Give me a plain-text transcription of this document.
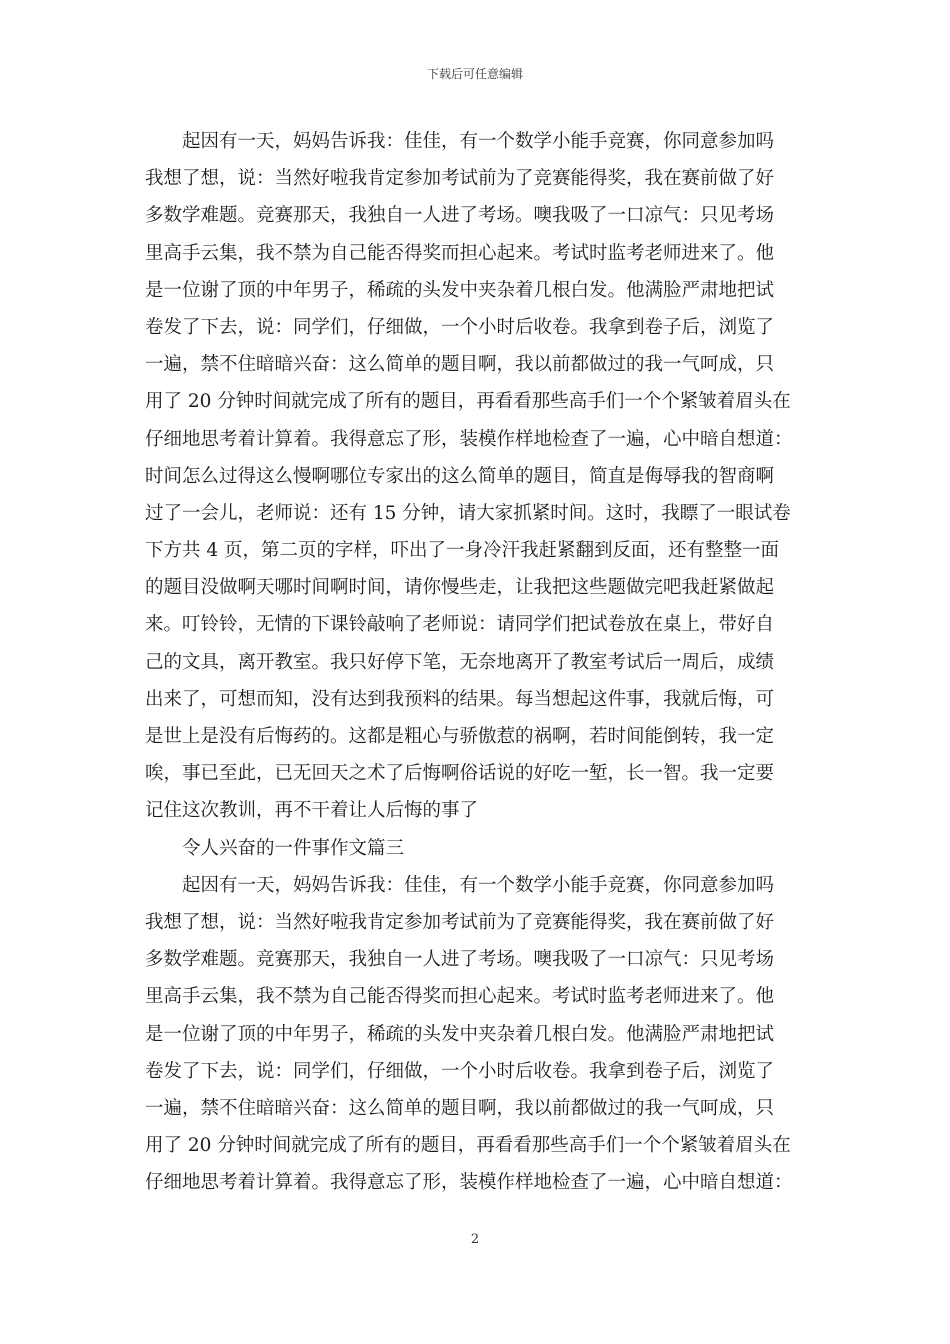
下载后可任意编辑
起因有一天，妈妈告诉我：佳佳，有一个数学小能手竞赛，你同意参加吗
我想了想，说：当然好啦我肯定参加考试前为了竞赛能得奖，我在赛前做了好
多数学难题。竞赛那天，我独自一人进了考场。噢我吸了一口凉气：只见考场
里高手云集，我不禁为自己能否得奖而担心起来。考试时监考老师进来了。他
是一位谢了顶的中年男子，稀疏的头发中夹杂着几根白发。他满脸严肃地把试
卷发了下去，说：同学们，仔细做，一个小时后收卷。我拿到卷子后，浏览了
一遍，禁不住暗暗兴奋：这么简单的题目啊，我以前都做过的我一气呵成，只
用了 20 分钟时间就完成了所有的题目，再看看那些高手们一个个紧皱着眉头在
仔细地思考着计算着。我得意忘了形，装模作样地检查了一遍，心中暗自想道：
时间怎么过得这么慢啊哪位专家出的这么简单的题目，简直是侮辱我的智商啊
过了一会儿，老师说：还有 15 分钟，请大家抓紧时间。这时，我瞟了一眼试卷
下方共 4 页，第二页的字样，吓出了一身冷汗我赶紧翻到反面，还有整整一面
的题目没做啊天哪时间啊时间，请你慢些走，让我把这些题做完吧我赶紧做起
来。叮铃铃，无情的下课铃敲响了老师说：请同学们把试卷放在桌上，带好自
己的文具，离开教室。我只好停下笔，无奈地离开了教室考试后一周后，成绩
出来了，可想而知，没有达到我预料的结果。每当想起这件事，我就后悔，可
是世上是没有后悔药的。这都是粗心与骄傲惹的祸啊，若时间能倒转，我一定
唉，事已至此，已无回天之术了后悔啊俗话说的好吃一堑，长一智。我一定要
记住这次教训，再不干着让人后悔的事了
令人兴奋的一件事作文篇三
起因有一天，妈妈告诉我：佳佳，有一个数学小能手竞赛，你同意参加吗
我想了想，说：当然好啦我肯定参加考试前为了竞赛能得奖，我在赛前做了好
多数学难题。竞赛那天，我独自一人进了考场。噢我吸了一口凉气：只见考场
里高手云集，我不禁为自己能否得奖而担心起来。考试时监考老师进来了。他
是一位谢了顶的中年男子，稀疏的头发中夹杂着几根白发。他满脸严肃地把试
卷发了下去，说：同学们，仔细做，一个小时后收卷。我拿到卷子后，浏览了
一遍，禁不住暗暗兴奋：这么简单的题目啊，我以前都做过的我一气呵成，只
用了 20 分钟时间就完成了所有的题目，再看看那些高手们一个个紧皱着眉头在
仔细地思考着计算着。我得意忘了形，装模作样地检查了一遍，心中暗自想道：
2
